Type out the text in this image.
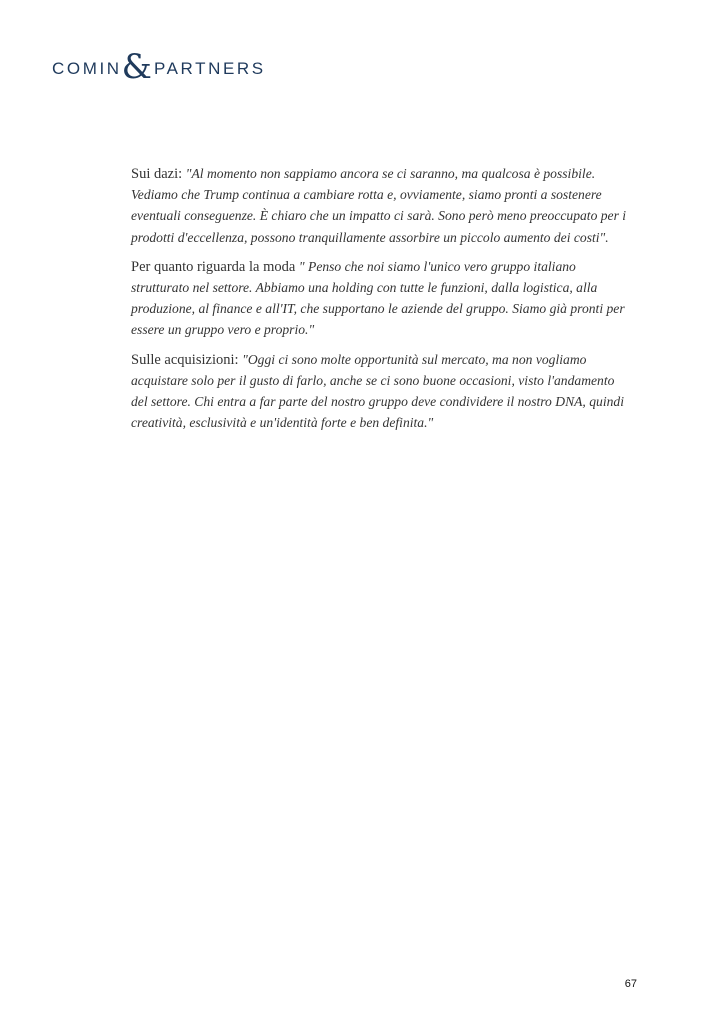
COMIN & PARTNERS

Sui dazi: "Al momento non sappiamo ancora se ci saranno, ma qualcosa è possibile. Vediamo che Trump continua a cambiare rotta e, ovviamente, siamo pronti a sostenere eventuali conseguenze. È chiaro che un impatto ci sarà. Sono però meno preoccupato per i prodotti d'eccellenza, possono tranquillamente assorbire un piccolo aumento dei costi".

Per quanto riguarda la moda " Penso che noi siamo l'unico vero gruppo italiano strutturato nel settore. Abbiamo una holding con tutte le funzioni, dalla logistica, alla produzione, al finance e all'IT, che supportano le aziende del gruppo. Siamo già pronti per essere un gruppo vero e proprio."

Sulle acquisizioni: "Oggi ci sono molte opportunità sul mercato, ma non vogliamo acquistare solo per il gusto di farlo, anche se ci sono buone occasioni, visto l'andamento del settore. Chi entra a far parte del nostro gruppo deve condividere il nostro DNA, quindi creatività, esclusività e un'identità forte e ben definita."

67
